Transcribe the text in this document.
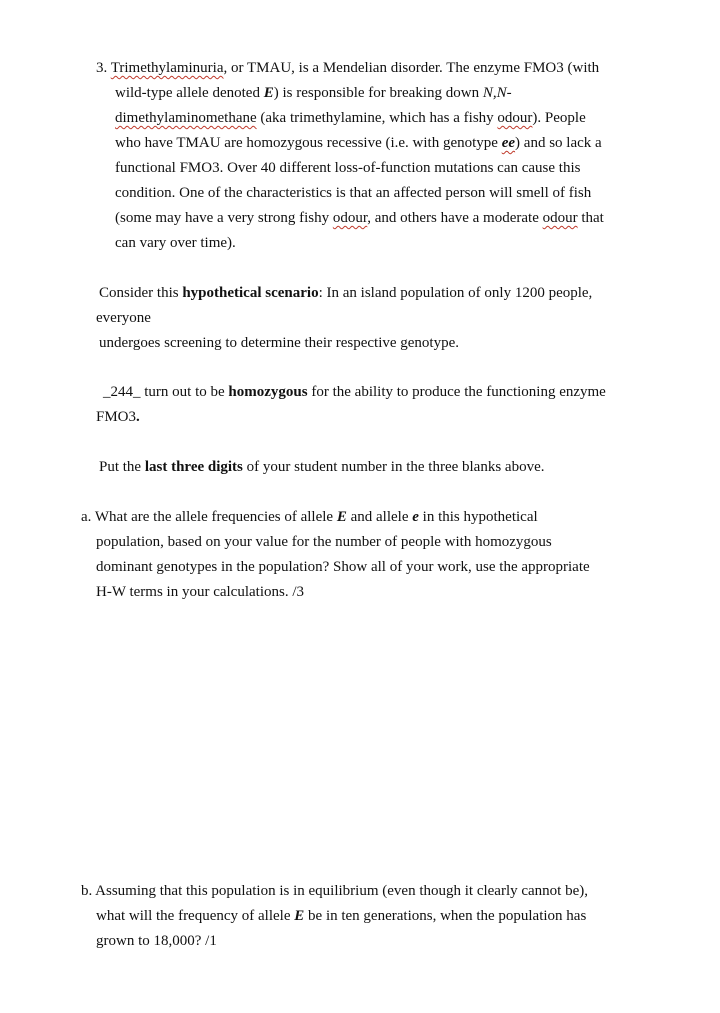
3. Trimethylaminuria, or TMAU, is a Mendelian disorder. The enzyme FMO3 (with
wild-type allele denoted E) is responsible for breaking down N,N-
dimethylaminomethane (aka trimethylamine, which has a fishy odour). People
who have TMAU are homozygous recessive (i.e. with genotype ee) and so lack a
functional FMO3. Over 40 different loss-of-function mutations can cause this
condition. One of the characteristics is that an affected person will smell of fish
(some may have a very strong fishy odour, and others have a moderate odour that
can vary over time).
Consider this hypothetical scenario: In an island population of only 1200 people,
everyone
undergoes screening to determine their respective genotype.
_244_ turn out to be homozygous for the ability to produce the functioning enzyme
FMO3.
Put the last three digits of your student number in the three blanks above.
a. What are the allele frequencies of allele E and allele e in this hypothetical
population, based on your value for the number of people with homozygous
dominant genotypes in the population? Show all of your work, use the appropriate
H-W terms in your calculations. /3
b. Assuming that this population is in equilibrium (even though it clearly cannot be),
what will the frequency of allele E be in ten generations, when the population has
grown to 18,000? /1
